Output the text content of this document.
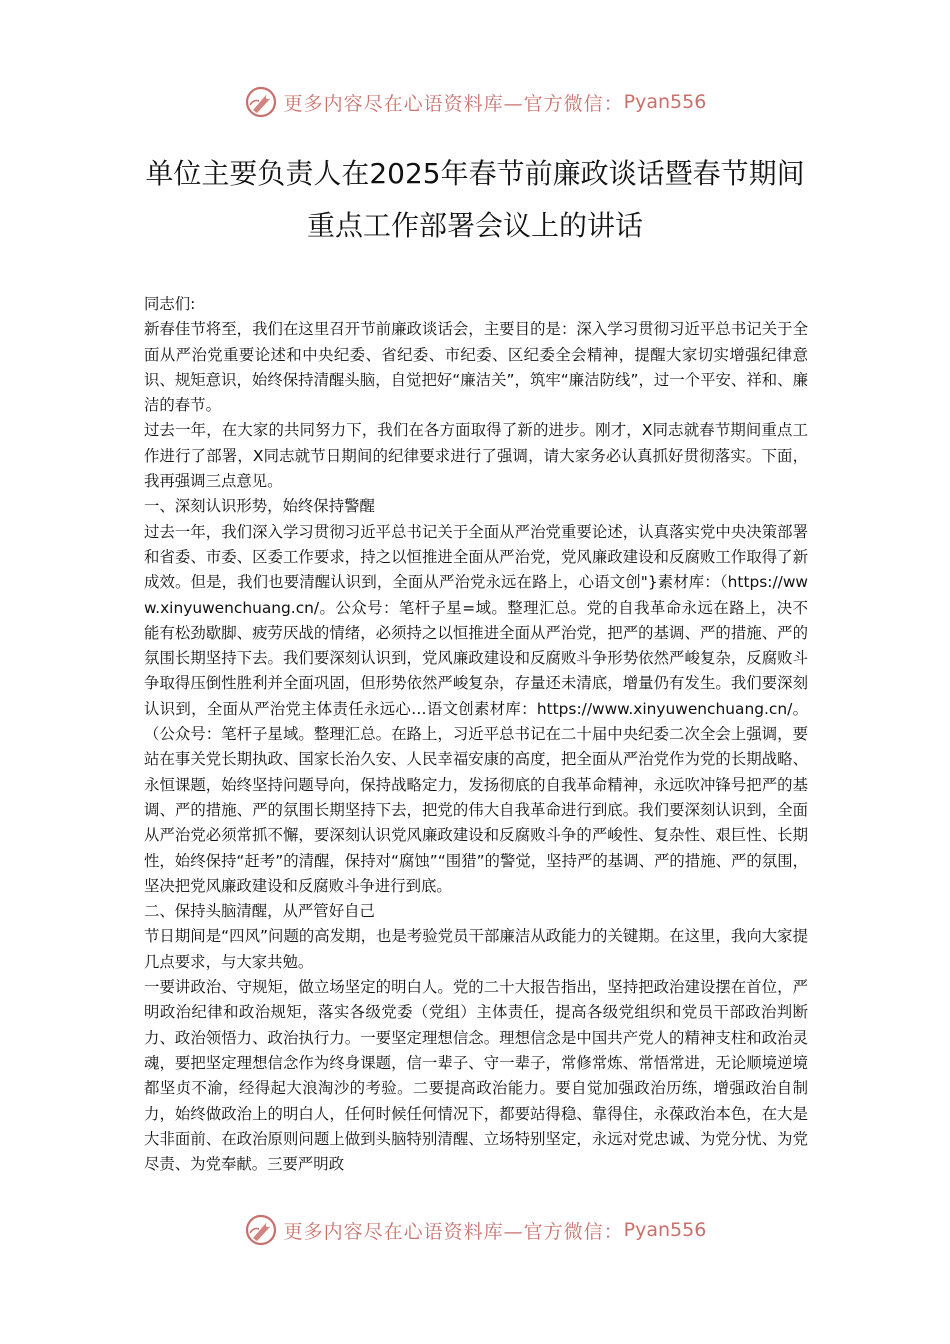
更多内容尽在心语资料库—官方微信： Pyan556
单位主要负责人在2025年春节前廉政谈话暨春节期间重点工作部署会议上的讲话

同志们:

新春佳节将至，我们在这里召开节前廉政谈话会，主要目的是：深入学习贯彻习近平总书记关于全面从严治党重要论述和中央纪委、省纪委、市纪委、区纪委全会精神，提醒大家切实增强纪律意识、规矩意识，始终保持清醒头脑，自觉把好“廉洁关”，筑牢“廉洁防线”，过一个平安、祥和、廉洁的春节。

过去一年，在大家的共同努力下，我们在各方面取得了新的进步。刚才，X同志就春节期间重点工作进行了部署，X同志就节日期间的纪律要求进行了强调，请大家务必认真抓好贯彻落实。下面，我再强调三点意见。

一、深刻认识形势，始终保持警醒

过去一年，我们深入学习贯彻习近平总书记关于全面从严治党重要论述，认真落实党中央决策部署和省委、市委、区委工作要求，持之以恒推进全面从严治党，党风廉政建设和反腐败工作取得了新成效。但是，我们也要清醒认识到，全面从严治党永远在路上，心语文创"}素材库：（https://www.xinyuwenchuang.cn/。公众号：笔杆子星=域。整理汇总。党的自我革命永远在路上，决不能有松劲歇脚、疲劳厌战的情绪，必须持之以恒推进全面从严治党，把严的基调、严的措施、严的氛围长期坚持下去。我们要深刻认识到，党风廉政建设和反腐败斗争形势依然严峻复杂，反腐败斗争取得压倒性胜利并全面巩固，但形势依然严峻复杂，存量还未清底，增量仍有发生。我们要深刻认识到，全面从严治党主体责任永远心…语文创素材库：https://www.xinyuwenchuang.cn/。（公众号：笔杆子星域。整理汇总。在路上，习近平总书记在二十届中央纪委二次全会上强调，要站在事关党长期执政、国家长治久安、人民幸福安康的高度，把全面从严治党作为党的长期战略、永恒课题，始终坚持问题导向，保持战略定力，发扬彻底的自我革命精神，永远吹冲锋号把严的基调、严的措施、严的氛围长期坚持下去，把党的伟大自我革命进行到底。我们要深刻认识到，全面从严治党必须常抓不懈，要深刻认识党风廉政建设和反腐败斗争的严峻性、复杂性、艰巨性、长期性，始终保持“赶考”的清醒，保持对“腐蚀”“围猎”的警觉，坚持严的基调、严的措施、严的氛围，坚决把党风廉政建设和反腐败斗争进行到底。

二、保持头脑清醒，从严管好自己

节日期间是“四风”问题的高发期，也是考验党员干部廉洁从政能力的关键期。在这里，我向大家提几点要求，与大家共勉。

一要讲政治、守规矩，做立场坚定的明白人。党的二十大报告指出，坚持把政治建设摆在首位，严明政治纪律和政治规矩，落实各级党委（党组）主体责任，提高各级党组织和党员干部政治判断力、政治领悟力、政治执行力。一要坚定理想信念。理想信念是中国共产党人的精神支柱和政治灵魂，要把坚定理想信念作为终身课题，信一辈子、守一辈子，常修常炼、常悟常进，无论顺境逆境都坚贞不渝，经得起大浪淘沙的考验。二要提高政治能力。要自觉加强政治历练，增强政治自制力，始终做政治上的明白人，任何时候任何情况下，都要站得稳、靠得住，永葆政治本色，在大是大非面前、在政治原则问题上做到头脑特别清醒、立场特别坚定，永远对党忠诚、为党分忧、为党尽责、为党奉献。三要严明政

更多内容尽在心语资料库—官方微信： Pyan556
